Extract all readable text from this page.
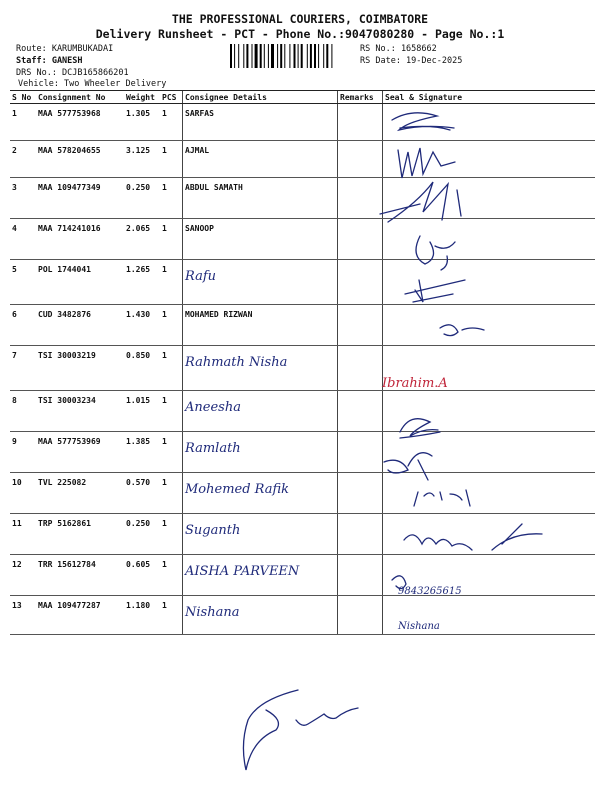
THE PROFESSIONAL COURIERS, COIMBATORE
Delivery Runsheet - PCT - Phone No.:9047080280 - Page No.:1
Route: KARUMBUKADAI
Staff: GANESH
DRS No.: DCJB165866201
Vehicle: Two Wheeler Delivery
RS No.: 1658662
RS Date: 19-Dec-2025
S No	Consignment No	Weight	PCS	Consignee Details	Remarks	Seal & Signature
1	MAA 577753968	1.305	1	SARFAS		
2	MAA 578204655	3.125	1	AJMAL		
3	MAA 109477349	0.250	1	ABDUL SAMATH		
4	MAA 714241016	2.065	1	SANOOP		
5	POL 1744041	1.265	1	Rafu		
6	CUD 3482876	1.430	1	MOHAMED RIZWAN		
7	TSI 30003219	0.850	1	Rahmath Nisha		
8	TSI 30003234	1.015	1	Aneesha		
9	MAA 577753969	1.385	1	Ramlath		
10	TVL 225082	0.570	1	Mohemed Rafik		
11	TRP 5162861	0.250	1	Suganth		
12	TRR 15612784	0.605	1	AISHA PARVEEN		
13	MAA 109477287	1.180	1	Nishana		
Ibrahim.A
9843265615
Nishana
